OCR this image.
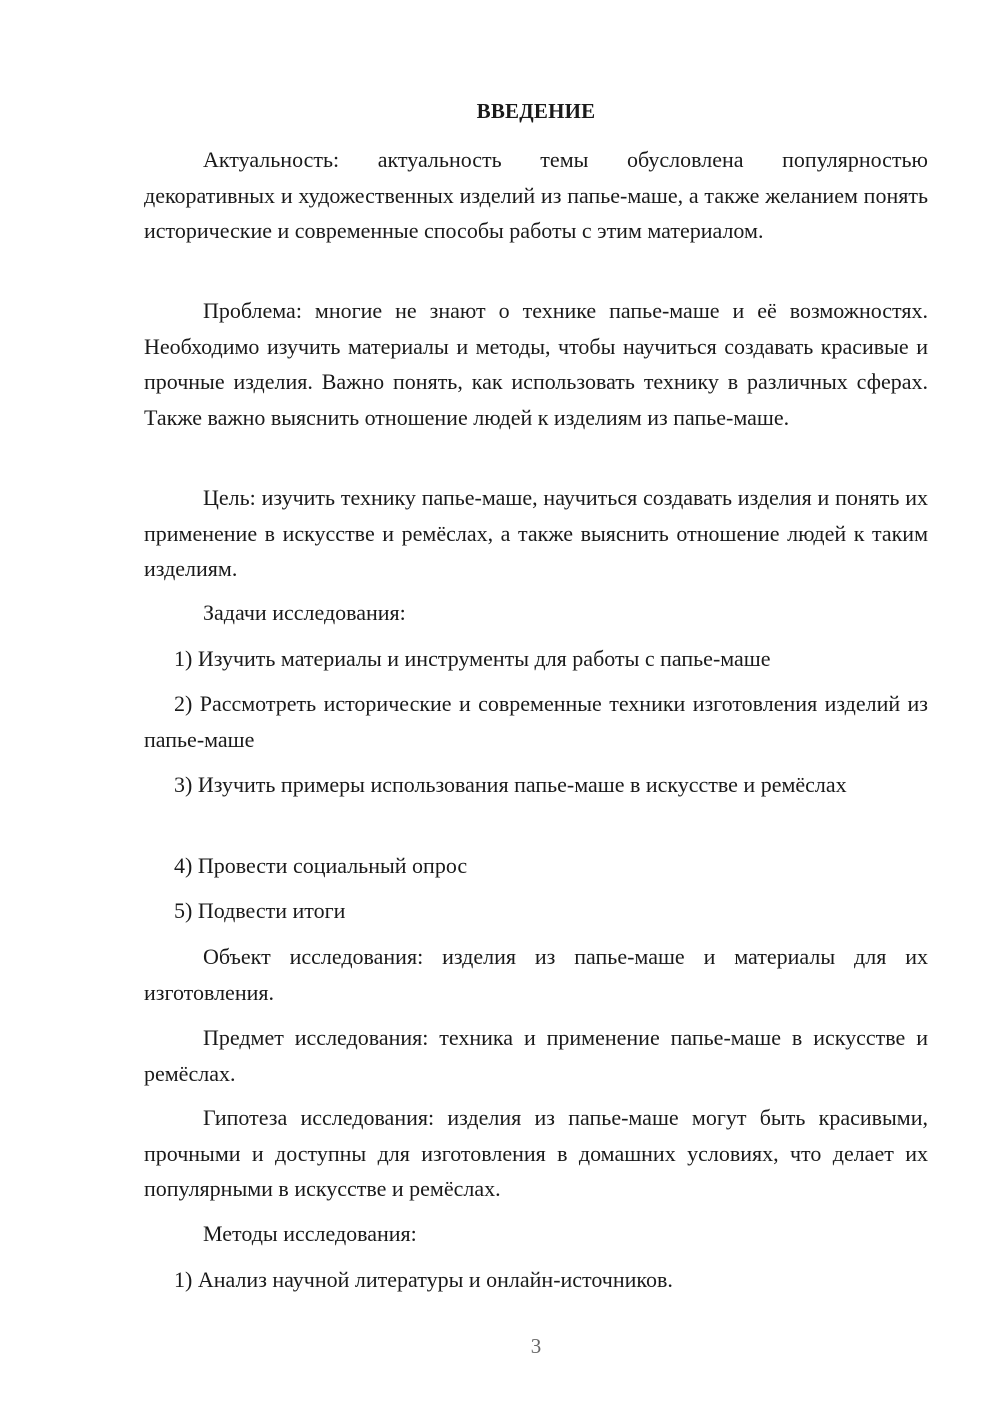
ВВЕДЕНИЕ

Актуальность: актуальность темы обусловлена популярностью декоративных и художественных изделий из папье-маше, а также желанием понять исторические и современные способы работы с этим материалом.

Проблема: многие не знают о технике папье-маше и её возможностях. Необходимо изучить материалы и методы, чтобы научиться создавать красивые и прочные изделия. Важно понять, как использовать технику в различных сферах. Также важно выяснить отношение людей к изделиям из папье-маше.

Цель: изучить технику папье-маше, научиться создавать изделия и понять их применение в искусстве и ремёслах, а также выяснить отношение людей к таким изделиям.

Задачи исследования:

1) Изучить материалы и инструменты для работы с папье-маше

2) Рассмотреть исторические и современные техники изготовления изделий из папье-маше

3) Изучить примеры использования папье-маше в искусстве и ремёслах

4) Провести социальный опрос

5) Подвести итоги

Объект исследования: изделия из папье-маше и материалы для их изготовления.

Предмет исследования: техника и применение папье-маше в искусстве и ремёслах.

Гипотеза исследования: изделия из папье-маше могут быть красивыми, прочными и доступны для изготовления в домашних условиях, что делает их популярными в искусстве и ремёслах.

Методы исследования:

1) Анализ научной литературы и онлайн-источников.

3
